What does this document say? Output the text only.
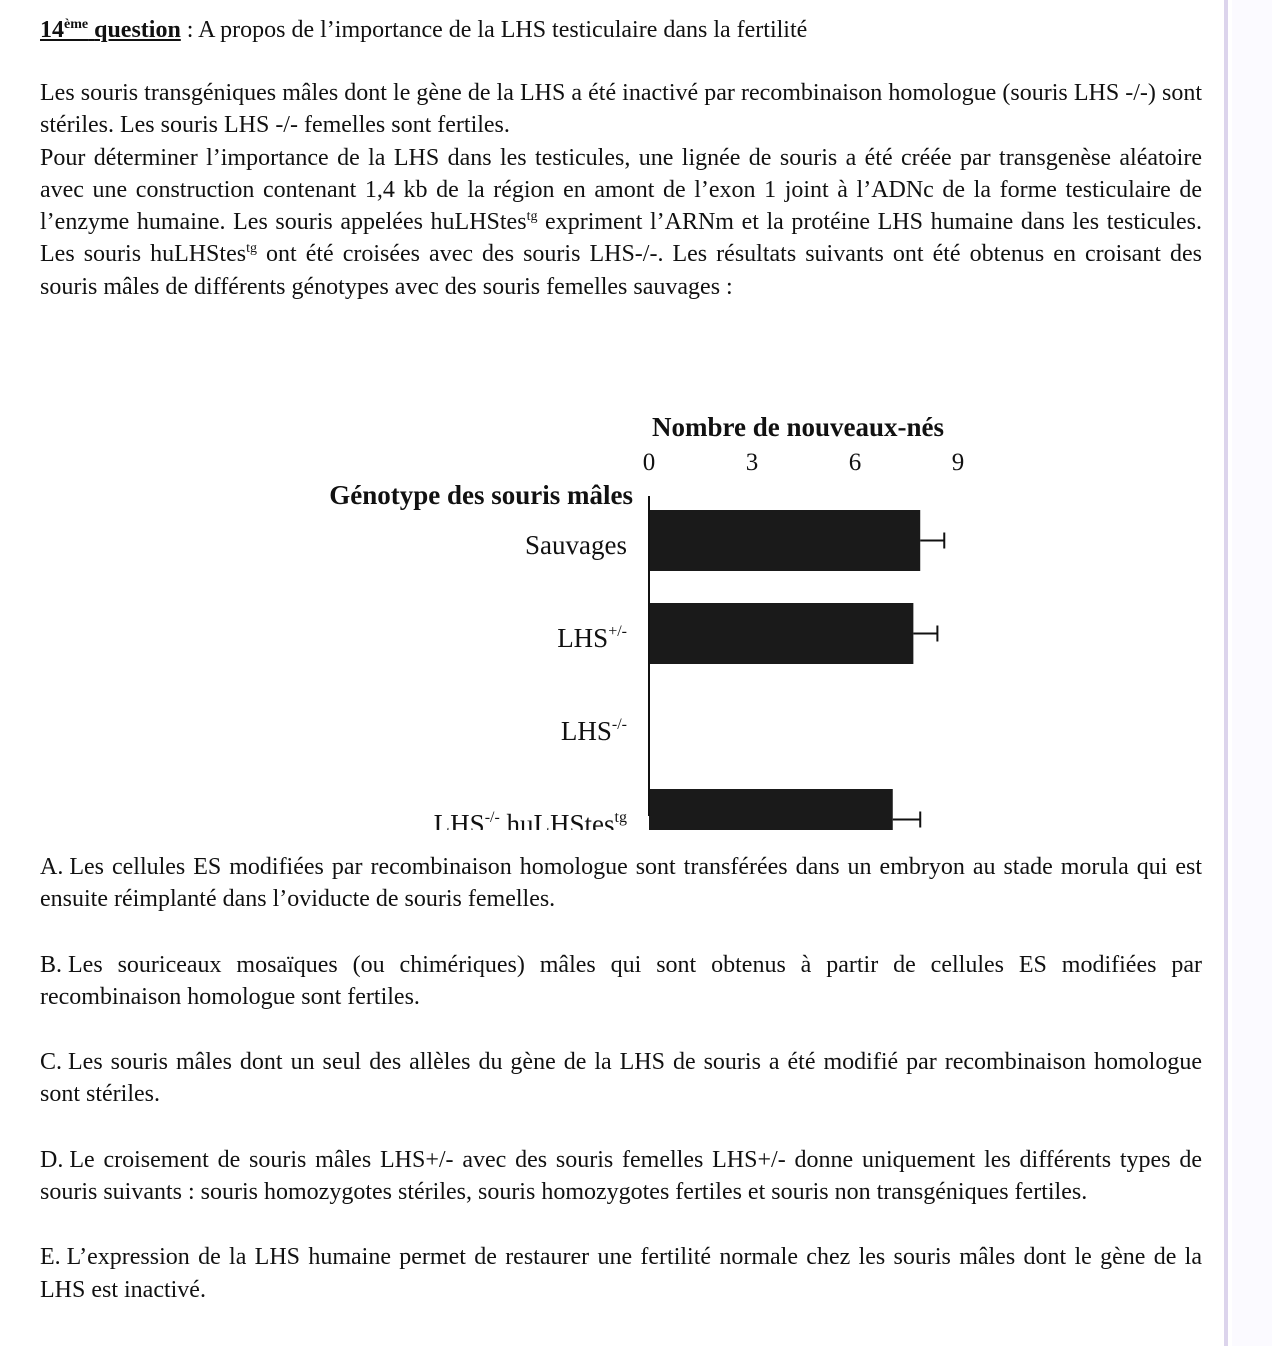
14ème question : A propos de l’importance de la LHS testiculaire dans la fertilité

Les souris transgéniques mâles dont le gène de la LHS a été inactivé par recombinaison homologue (souris LHS -/-) sont stériles. Les souris LHS -/- femelles sont fertiles.

Pour déterminer l’importance de la LHS dans les testicules, une lignée de souris a été créée par transgenèse aléatoire avec une construction contenant 1,4 kb de la région en amont de l’exon 1 joint à l’ADNc de la forme testiculaire de l’enzyme humaine. Les souris appelées huLHStes$^{tg}$ expriment l’ARNm et la protéine LHS humaine dans les testicules. Les souris huLHStes$^{tg}$ ont été croisées avec des souris LHS-/-. Les résultats suivants ont été obtenus en croisant des souris mâles de différents génotypes avec des souris femelles sauvages :

Nombre de nouveaux-nés
Génotype des souris mâles
0	3	6	9
Sauvages
LHS+/-
LHS-/-
LHS-/- huLHStes$^{tg}$

A. Les cellules ES modifiées par recombinaison homologue sont transférées dans un embryon au stade morula qui est ensuite réimplanté dans l’oviducte de souris femelles.

B. Les souriceaux mosaïques (ou chimériques) mâles qui sont obtenus à partir de cellules ES modifiées par recombinaison homologue sont fertiles.

C. Les souris mâles dont un seul des allèles du gène de la LHS de souris a été modifié par recombinaison homologue sont stériles.

D. Le croisement de souris mâles LHS+/- avec des souris femelles LHS+/- donne uniquement les différents types de souris suivants : souris homozygotes stériles, souris homozygotes fertiles et souris non transgéniques fertiles.

E. L’expression de la LHS humaine permet de restaurer une fertilité normale chez les souris mâles dont le gène de la LHS est inactivé.
